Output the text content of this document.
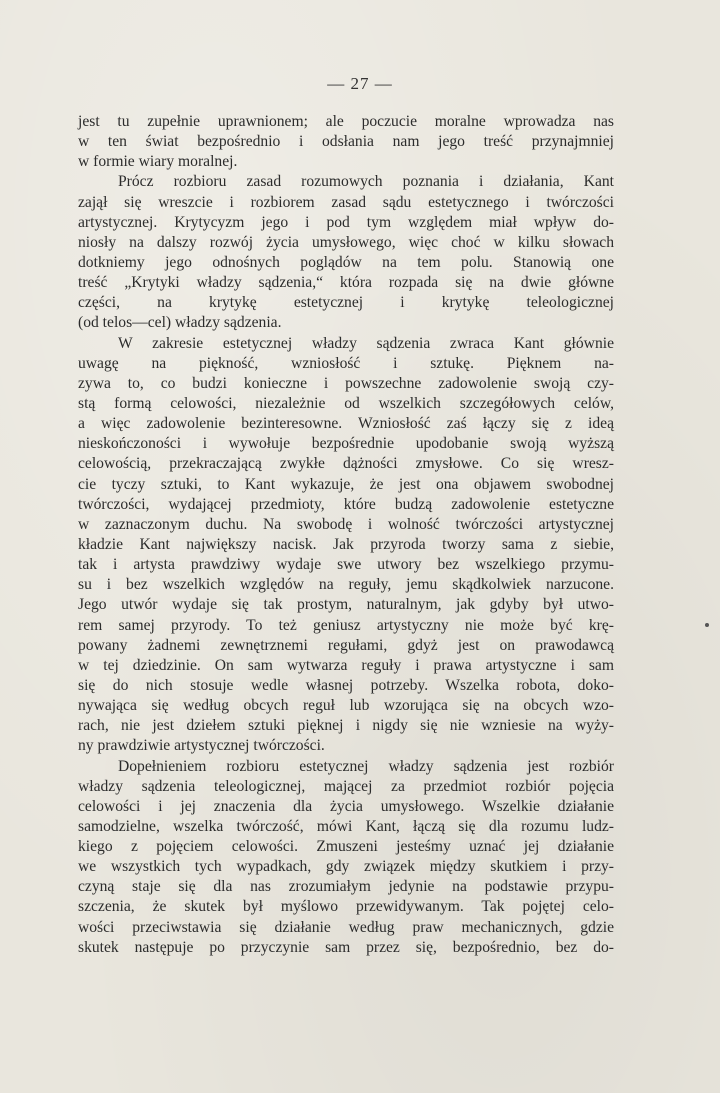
— 27 —
jest tu zupełnie uprawnionem; ale poczucie moralne wprowadza nas
w ten świat bezpośrednio i odsłania nam jego treść przynajmniej
w formie wiary moralnej.
Prócz rozbioru zasad rozumowych poznania i działania, Kant
zajął się wreszcie i rozbiorem zasad sądu estetycznego i twórczości
artystycznej. Krytycyzm jego i pod tym względem miał wpływ do-
niosły na dalszy rozwój życia umysłowego, więc choć w kilku słowach
dotkniemy jego odnośnych poglądów na tem polu. Stanowią one
treść „Krytyki władzy sądzenia,“ która rozpada się na dwie główne
części, na krytykę estetycznej i krytykę teleologicznej
(od telos—cel) władzy sądzenia.
W zakresie estetycznej władzy sądzenia zwraca Kant głównie
uwagę na piękność, wzniosłość i sztukę. Pięknem na-
zywa to, co budzi konieczne i powszechne zadowolenie swoją czy-
stą formą celowości, niezależnie od wszelkich szczegółowych celów,
a więc zadowolenie bezinteresowne. Wzniosłość zaś łączy się z ideą
nieskończoności i wywołuje bezpośrednie upodobanie swoją wyższą
celowością, przekraczającą zwykłe dążności zmysłowe. Co się wresz-
cie tyczy sztuki, to Kant wykazuje, że jest ona objawem swobodnej
twórczości, wydającej przedmioty, które budzą zadowolenie estetyczne
w zaznaczonym duchu. Na swobodę i wolność twórczości artystycznej
kładzie Kant największy nacisk. Jak przyroda tworzy sama z siebie,
tak i artysta prawdziwy wydaje swe utwory bez wszelkiego przymu-
su i bez wszelkich względów na reguły, jemu skądkolwiek narzucone.
Jego utwór wydaje się tak prostym, naturalnym, jak gdyby był utwo-
rem samej przyrody. To też geniusz artystyczny nie może być krę-
powany żadnemi zewnętrznemi regułami, gdyż jest on prawodawcą
w tej dziedzinie. On sam wytwarza reguły i prawa artystyczne i sam
się do nich stosuje wedle własnej potrzeby. Wszelka robota, doko-
nywająca się według obcych reguł lub wzorująca się na obcych wzo-
rach, nie jest dziełem sztuki pięknej i nigdy się nie wzniesie na wyży-
ny prawdziwie artystycznej twórczości.
Dopełnieniem rozbioru estetycznej władzy sądzenia jest rozbiór
władzy sądzenia teleologicznej, mającej za przedmiot rozbiór pojęcia
celowości i jej znaczenia dla życia umysłowego. Wszelkie działanie
samodzielne, wszelka twórczość, mówi Kant, łączą się dla rozumu ludz-
kiego z pojęciem celowości. Zmuszeni jesteśmy uznać jej działanie
we wszystkich tych wypadkach, gdy związek między skutkiem i przy-
czyną staje się dla nas zrozumiałym jedynie na podstawie przypu-
szczenia, że skutek był myślowo przewidywanym. Tak pojętej celo-
wości przeciwstawia się działanie według praw mechanicznych, gdzie
skutek następuje po przyczynie sam przez się, bezpośrednio, bez do-
